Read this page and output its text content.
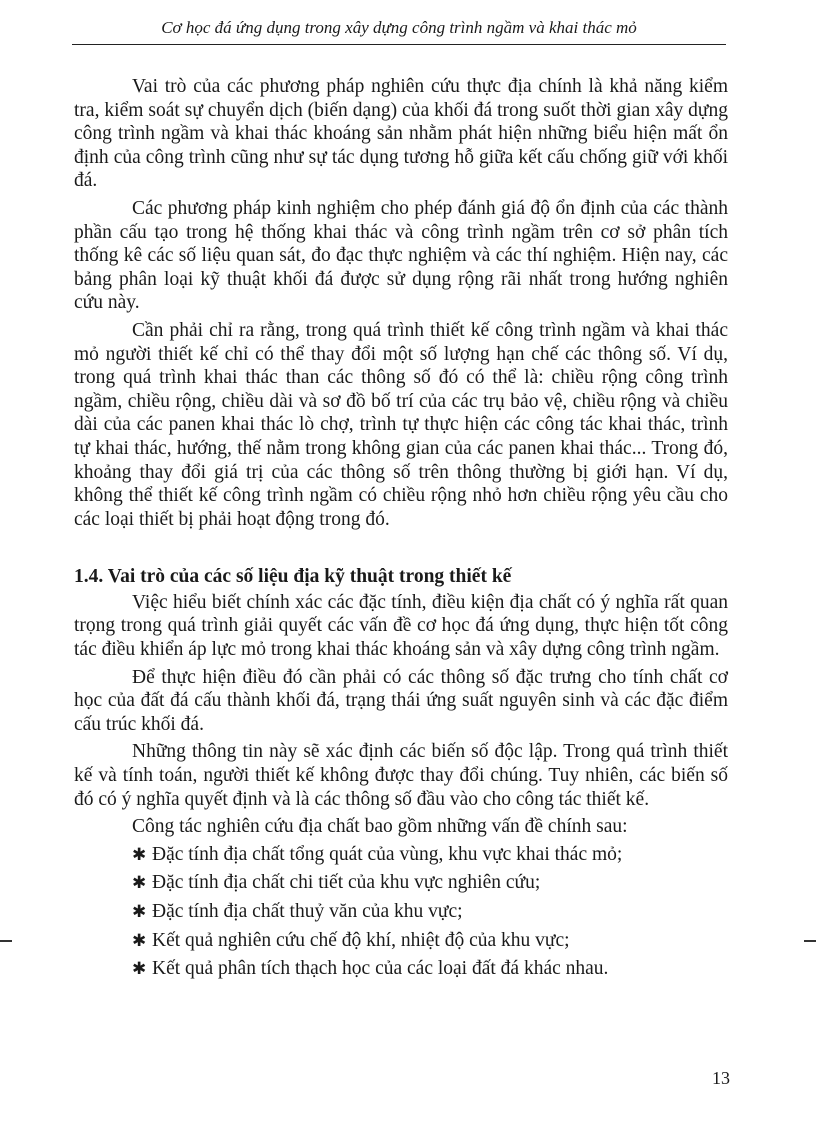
Cơ học đá ứng dụng trong xây dựng công trình ngầm và khai thác mỏ

Vai trò của các phương pháp nghiên cứu thực địa chính là khả năng kiểm tra, kiểm soát sự chuyển dịch (biến dạng) của khối đá trong suốt thời gian xây dựng công trình ngầm và khai thác khoáng sản nhằm phát hiện những biểu hiện mất ổn định của công trình cũng như sự tác dụng tương hỗ giữa kết cấu chống giữ với khối đá.

Các phương pháp kinh nghiệm cho phép đánh giá độ ổn định của các thành phần cấu tạo trong hệ thống khai thác và công trình ngầm trên cơ sở phân tích thống kê các số liệu quan sát, đo đạc thực nghiệm và các thí nghiệm. Hiện nay, các bảng phân loại kỹ thuật khối đá được sử dụng rộng rãi nhất trong hướng nghiên cứu này.

Cần phải chỉ ra rằng, trong quá trình thiết kế công trình ngầm và khai thác mỏ người thiết kế chỉ có thể thay đổi một số lượng hạn chế các thông số. Ví dụ, trong quá trình khai thác than các thông số đó có thể là: chiều rộng công trình ngầm, chiều rộng, chiều dài và sơ đồ bố trí của các trụ bảo vệ, chiều rộng và chiều dài của các panen khai thác lò chợ, trình tự thực hiện các công tác khai thác, trình tự khai thác, hướng, thế nằm trong không gian của các panen khai thác... Trong đó, khoảng thay đổi giá trị của các thông số trên thông thường bị giới hạn. Ví dụ, không thể thiết kế công trình ngầm có chiều rộng nhỏ hơn chiều rộng yêu cầu cho các loại thiết bị phải hoạt động trong đó.

1.4. Vai trò của các số liệu địa kỹ thuật trong thiết kế

Việc hiểu biết chính xác các đặc tính, điều kiện địa chất có ý nghĩa rất quan trọng trong quá trình giải quyết các vấn đề cơ học đá ứng dụng, thực hiện tốt công tác điều khiển áp lực mỏ trong khai thác khoáng sản và xây dựng công trình ngầm.

Để thực hiện điều đó cần phải có các thông số đặc trưng cho tính chất cơ học của đất đá cấu thành khối đá, trạng thái ứng suất nguyên sinh và các đặc điểm cấu trúc khối đá.

Những thông tin này sẽ xác định các biến số độc lập. Trong quá trình thiết kế và tính toán, người thiết kế không được thay đổi chúng. Tuy nhiên, các biến số đó có ý nghĩa quyết định và là các thông số đầu vào cho công tác thiết kế.

Công tác nghiên cứu địa chất bao gồm những vấn đề chính sau:

✱ Đặc tính địa chất tổng quát của vùng, khu vực khai thác mỏ;
✱ Đặc tính địa chất chi tiết của khu vực nghiên cứu;
✱ Đặc tính địa chất thuỷ văn của khu vực;
✱ Kết quả nghiên cứu chế độ khí, nhiệt độ của khu vực;
✱ Kết quả phân tích thạch học của các loại đất đá khác nhau.
13
